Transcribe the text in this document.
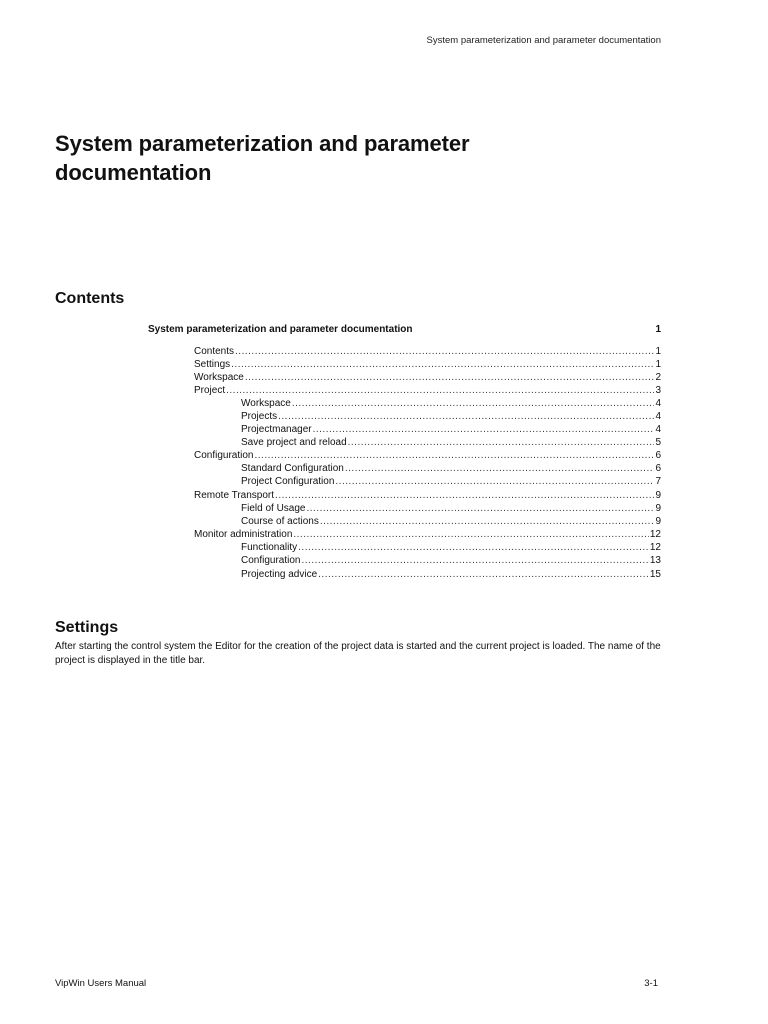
System parameterization and parameter documentation
System parameterization and parameter documentation
Contents
System parameterization and parameter documentation	1
Contents .....	1
Settings .....	1
Workspace .....	2
Project .....	3
Workspace .....	4
Projects .....	4
Projectmanager .....	4
Save project and reload .....	5
Configuration .....	6
Standard Configuration .....	6
Project Configuration .....	7
Remote Transport .....	9
Field of Usage .....	9
Course of actions .....	9
Monitor administration .....	12
Functionality .....	12
Configuration .....	13
Projecting advice .....	15
Settings

After starting the control system the Editor for the creation of the project data is started and the current project is loaded. The name of the project is displayed in the title bar.

VipWin Users Manual	3-1
